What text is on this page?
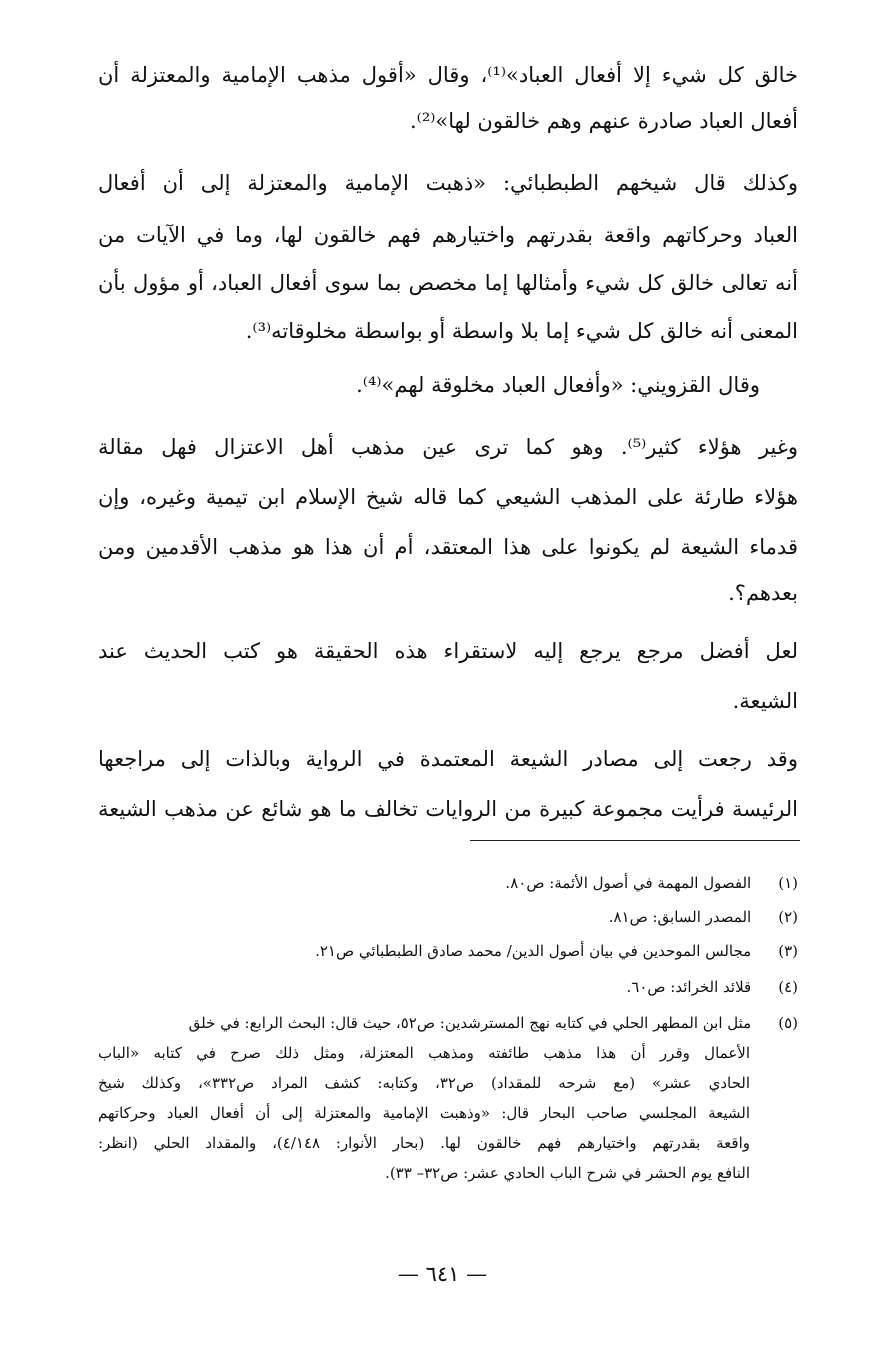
خالق كل شيء إلا أفعال العباد»⁽¹⁾، وقال «أقول مذهب الإمامية والمعتزلة أن
أفعال العباد صادرة عنهم وهم خالقون لها»⁽²⁾.
وكذلك قال شيخهم الطبطبائي: «ذهبت الإمامية والمعتزلة إلى أن أفعال
العباد وحركاتهم واقعة بقدرتهم واختيارهم فهم خالقون لها، وما في الآيات من
أنه تعالى خالق كل شيء وأمثالها إما مخصص بما سوى أفعال العباد، أو مؤول بأن
المعنى أنه خالق كل شيء إما بلا واسطة أو بواسطة مخلوقاته⁽³⁾.
وقال القزويني: «وأفعال العباد مخلوقة لهم»⁽⁴⁾.
وغير هؤلاء كثير⁽⁵⁾. وهو كما ترى عين مذهب أهل الاعتزال فهل مقالة
هؤلاء طارئة على المذهب الشيعي كما قاله شيخ الإسلام ابن تيمية وغيره، وإن
قدماء الشيعة لم يكونوا على هذا المعتقد، أم أن هذا هو مذهب الأقدمين ومن
بعدهم؟.
لعل أفضل مرجع يرجع إليه لاستقراء هذه الحقيقة هو كتب الحديث عند
الشيعة.
وقد رجعت إلى مصادر الشيعة المعتمدة في الرواية وبالذات إلى مراجعها
الرئيسة فرأيت مجموعة كبيرة من الروايات تخالف ما هو شائع عن مذهب الشيعة
(١) الفصول المهمة في أصول الأئمة: ص٨٠.
(٢) المصدر السابق: ص٨١.
(٣) مجالس الموحدين في بيان أصول الدين/ محمد صادق الطبطبائي ص٢١.
(٤) قلائد الخرائد: ص٦٠.
(٥) مثل ابن المطهر الحلي في كتابه نهج المسترشدين: ص٥٢، حيث قال: البحث الرابع: في خلق
الأعمال وقرر أن هذا مذهب طائفته ومذهب المعتزلة، ومثل ذلك صرح في كتابه «الباب
الحادي عشر» (مع شرحه للمقداد) ص٣٢، وكتابه: كشف المراد ص٣٣٢»، وكذلك شيخ
الشيعة المجلسي صاحب البحار قال: «وذهبت الإمامية والمعتزلة إلى أن أفعال العباد وحركاتهم
واقعة بقدرتهم واختيارهم فهم خالقون لها. (بحار الأنوار: ٤/١٤٨)، والمقداد الحلي (انظر:
النافع يوم الحشر في شرح الباب الحادي عشر: ص٣٢– ٣٣).
— ٦٤١ —
